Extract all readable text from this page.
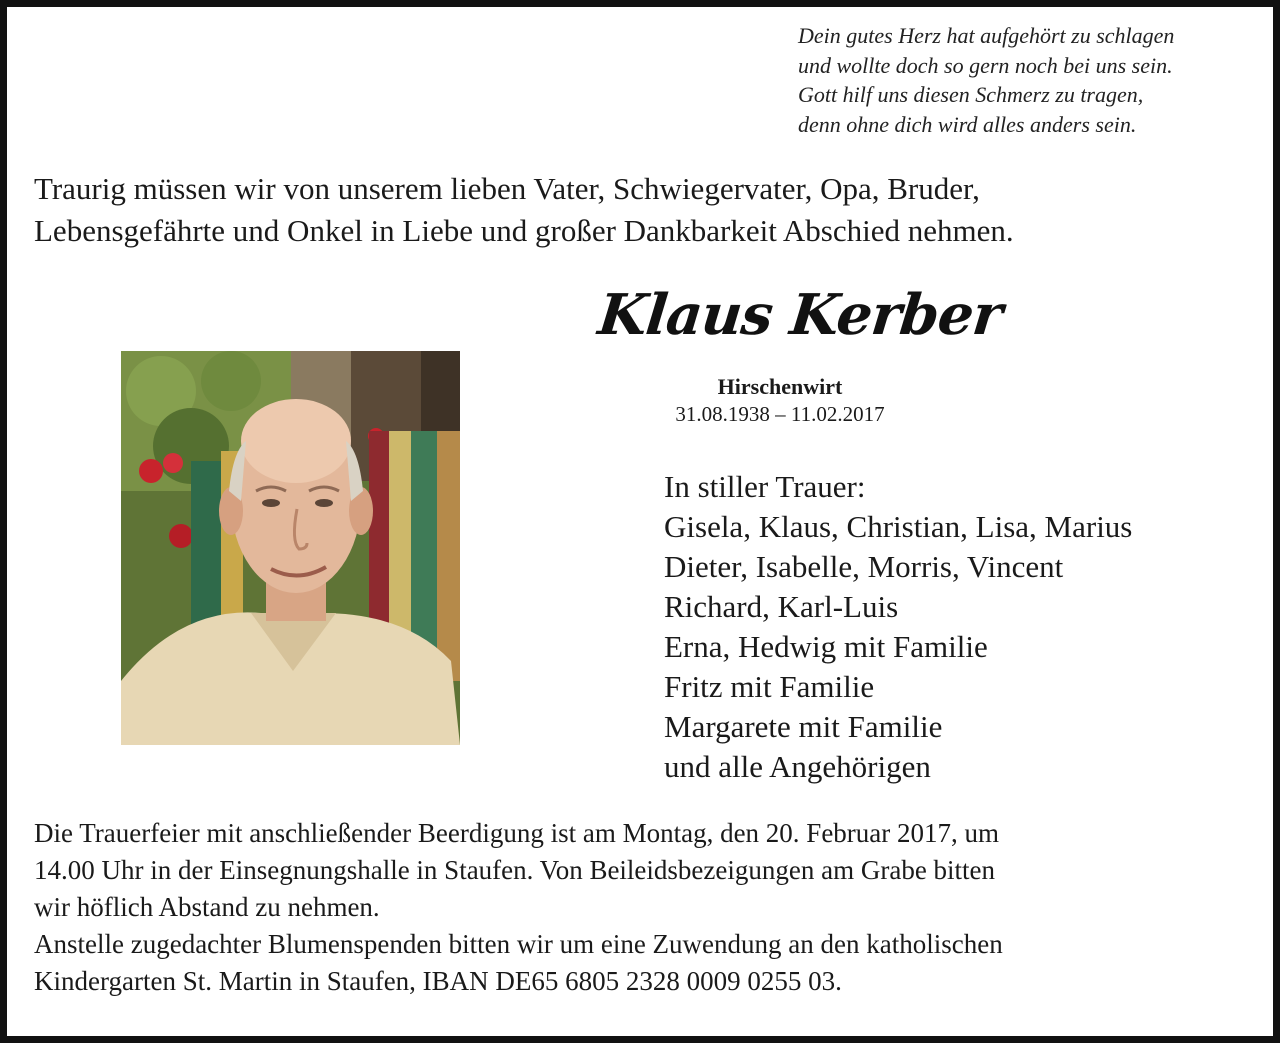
Dein gutes Herz hat aufgehört zu schlagen
und wollte doch so gern noch bei uns sein.
Gott hilf uns diesen Schmerz zu tragen,
denn ohne dich wird alles anders sein.
Traurig müssen wir von unserem lieben Vater, Schwiegervater, Opa, Bruder,
Lebensgefährte und Onkel in Liebe und großer Dankbarkeit Abschied nehmen.
Klaus Kerber
Hirschenwirt
31.08.1938 – 11.02.2017
In stiller Trauer:
Gisela, Klaus, Christian, Lisa, Marius
Dieter, Isabelle, Morris, Vincent
Richard, Karl-Luis
Erna, Hedwig mit Familie
Fritz mit Familie
Margarete mit Familie
und alle Angehörigen
Die Trauerfeier mit anschließender Beerdigung ist am Montag, den 20. Februar 2017, um
14.00 Uhr in der Einsegnungshalle in Staufen. Von Beileidsbezeigungen am Grabe bitten
wir höflich Abstand zu nehmen.
Anstelle zugedachter Blumenspenden bitten wir um eine Zuwendung an den katholischen
Kindergarten St. Martin in Staufen, IBAN DE65 6805 2328 0009 0255 03.
